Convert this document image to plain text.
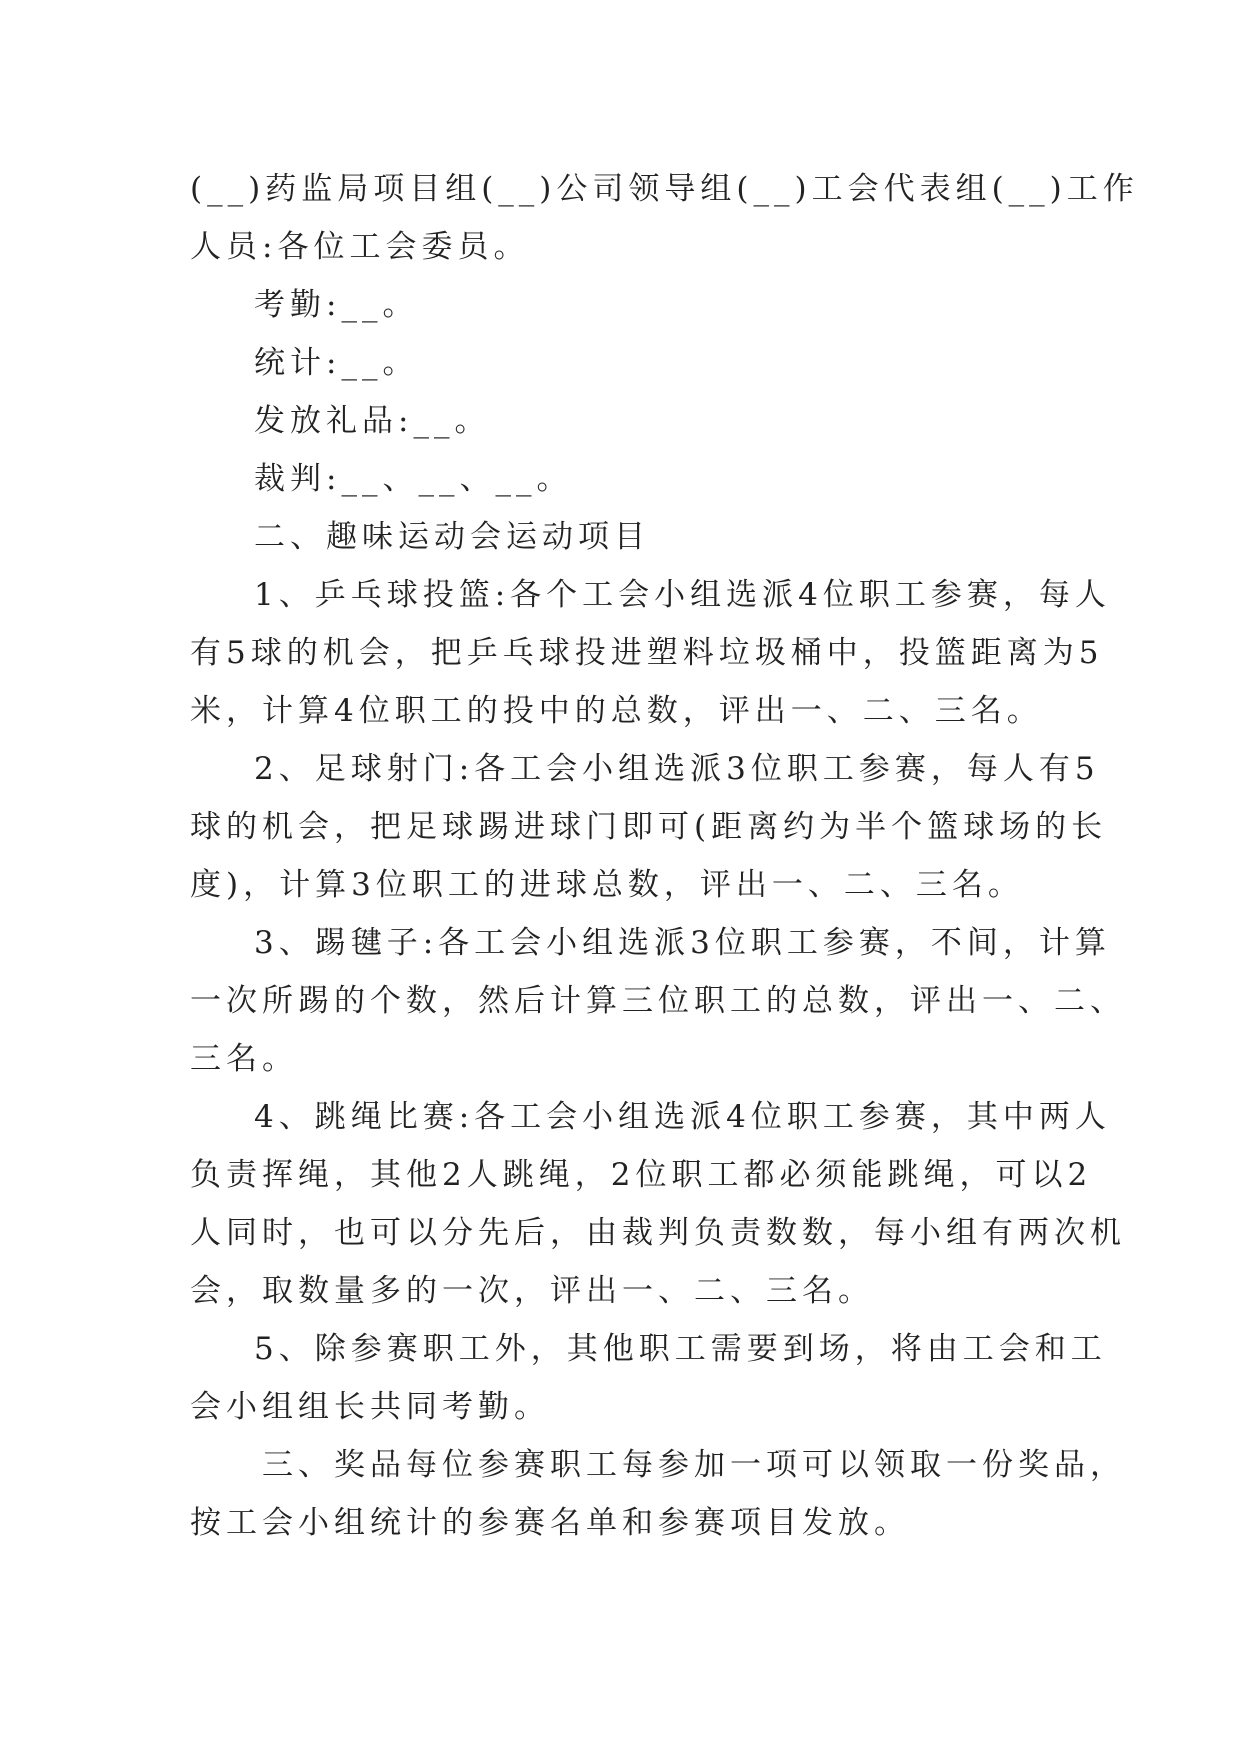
(__)药监局项目组(__)公司领导组(__)工会代表组(__)工作
人员:各位工会委员。
考勤:__。
统计:__。
发放礼品:__。
裁判:__、__、__。
二、趣味运动会运动项目
1、乒乓球投篮:各个工会小组选派4位职工参赛，每人
有5球的机会，把乒乓球投进塑料垃圾桶中，投篮距离为5
米，计算4位职工的投中的总数，评出一、二、三名。
2、足球射门:各工会小组选派3位职工参赛，每人有5
球的机会，把足球踢进球门即可(距离约为半个篮球场的长
度)，计算3位职工的进球总数，评出一、二、三名。
3、踢毽子:各工会小组选派3位职工参赛，不间，计算
一次所踢的个数，然后计算三位职工的总数，评出一、二、
三名。
4、跳绳比赛:各工会小组选派4位职工参赛，其中两人
负责挥绳，其他2人跳绳，2位职工都必须能跳绳，可以2
人同时，也可以分先后，由裁判负责数数，每小组有两次机
会，取数量多的一次，评出一、二、三名。
5、除参赛职工外，其他职工需要到场，将由工会和工
会小组组长共同考勤。
三、奖品每位参赛职工每参加一项可以领取一份奖品，
按工会小组统计的参赛名单和参赛项目发放。
